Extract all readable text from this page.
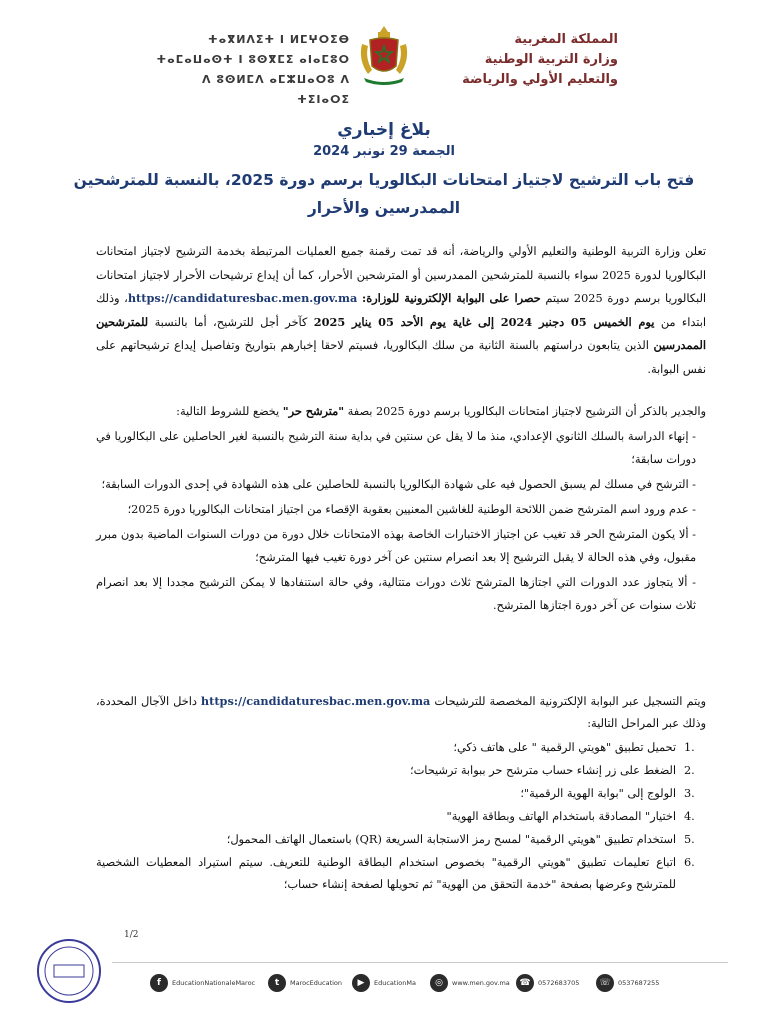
ⵜⴰⴳⵍⴷⵉⵜ ⵏ ⵍⵎⵖⵔⵉⴱ
ⵜⴰⵎⴰⵡⴰⵙⵜ ⵏ ⵓⵙⴳⵎⵉ ⴰⵏⴰⵎⵓⵔ
ⴷ ⵓⵙⵍⵎⴷ ⴰⵎⵣⵡⴰⵔⵓ ⴷ ⵜⵉⵏⴰⵔⵉ
المملكة المغربية
وزارة التربية الوطنية
والتعليم الأولي والرياضة
بلاغ إخباري
الجمعة 29 نونبر 2024
فتح باب الترشيح لاجتياز امتحانات البكالوريا برسم دورة 2025، بالنسبة للمترشحين
الممدرسين والأحرار
تعلن وزارة التربية الوطنية والتعليم الأولي والرياضة، أنه قد تمت رقمنة جميع العمليات المرتبطة بخدمة الترشيح لاجتياز امتحانات البكالوريا لدورة 2025 سواء بالنسبة للمترشحين الممدرسين أو المترشحين الأحرار، كما أن إيداع ترشيحات الأحرار لاجتياز امتحانات البكالوريا برسم دورة 2025 سيتم حصرا على البوابة الإلكترونية للوزارة: https://candidaturesbac.men.gov.ma، وذلك ابتداء من يوم الخميس 05 دجنبر 2024 إلى غاية يوم الأحد 05 يناير 2025 كآخر أجل للترشيح، أما بالنسبة للمترشحين الممدرسين الذين يتابعون دراستهم بالسنة الثانية من سلك البكالوريا، فسيتم لاحقا إخبارهم بتواريخ وتفاصيل إيداع ترشيحاتهم على نفس البوابة.
والجدير بالذكر أن الترشيح لاجتياز امتحانات البكالوريا برسم دورة 2025 بصفة "مترشح حر" يخضع للشروط التالية:
- إنهاء الدراسة بالسلك الثانوي الإعدادي، منذ ما لا يقل عن سنتين في بداية سنة الترشيح بالنسبة لغير الحاصلين على البكالوريا في دورات سابقة؛
- الترشح في مسلك لم يسبق الحصول فيه على شهادة البكالوريا بالنسبة للحاصلين على هذه الشهادة في إحدى الدورات السابقة؛
- عدم ورود اسم المترشح ضمن اللائحة الوطنية للغاشين المعنيين بعقوبة الإقصاء من اجتياز امتحانات البكالوريا دورة 2025؛
- ألا يكون المترشح الحر قد تغيب عن اجتياز الاختبارات الخاصة بهذه الامتحانات خلال دورة من دورات السنوات الماضية بدون مبرر مقبول، وفي هذه الحالة لا يقبل الترشيح إلا بعد انصرام سنتين عن آخر دورة تغيب فيها المترشح؛
- ألا يتجاوز عدد الدورات التي اجتازها المترشح ثلاث دورات متتالية، وفي حالة استنفادها لا يمكن الترشيح مجددا إلا بعد انصرام ثلاث سنوات عن آخر دورة اجتازها المترشح.
ويتم التسجيل عبر البوابة الإلكترونية المخصصة للترشيحات https://candidaturesbac.men.gov.ma داخل الآجال المحددة، وذلك عبر المراحل التالية:
1.
تحميل تطبيق "هويتي الرقمية " على هاتف ذكي؛
2.
الضغط على زر إنشاء حساب مترشح حر ببوابة ترشيحات؛
3.
الولوج إلى "بوابة الهوية الرقمية"؛
4.
اختيار" المصادقة باستخدام الهاتف وبطاقة الهوية"
5.
استخدام تطبيق "هويتي الرقمية" لمسح رمز الاستجابة السريعة (QR) باستعمال الهاتف المحمول؛
6.
اتباع تعليمات تطبيق "هويتي الرقمية" بخصوص استخدام البطاقة الوطنية للتعريف. سيتم استيراد المعطيات الشخصية للمترشح وعرضها بصفحة "خدمة التحقق من الهوية" ثم تحويلها لصفحة إنشاء حساب؛
1/2
f	EducationNationaleMaroc	t	MarocEducation	▶	EducationMa	◎	www.men.gov.ma	☎	0572683705	☏	0537687255
